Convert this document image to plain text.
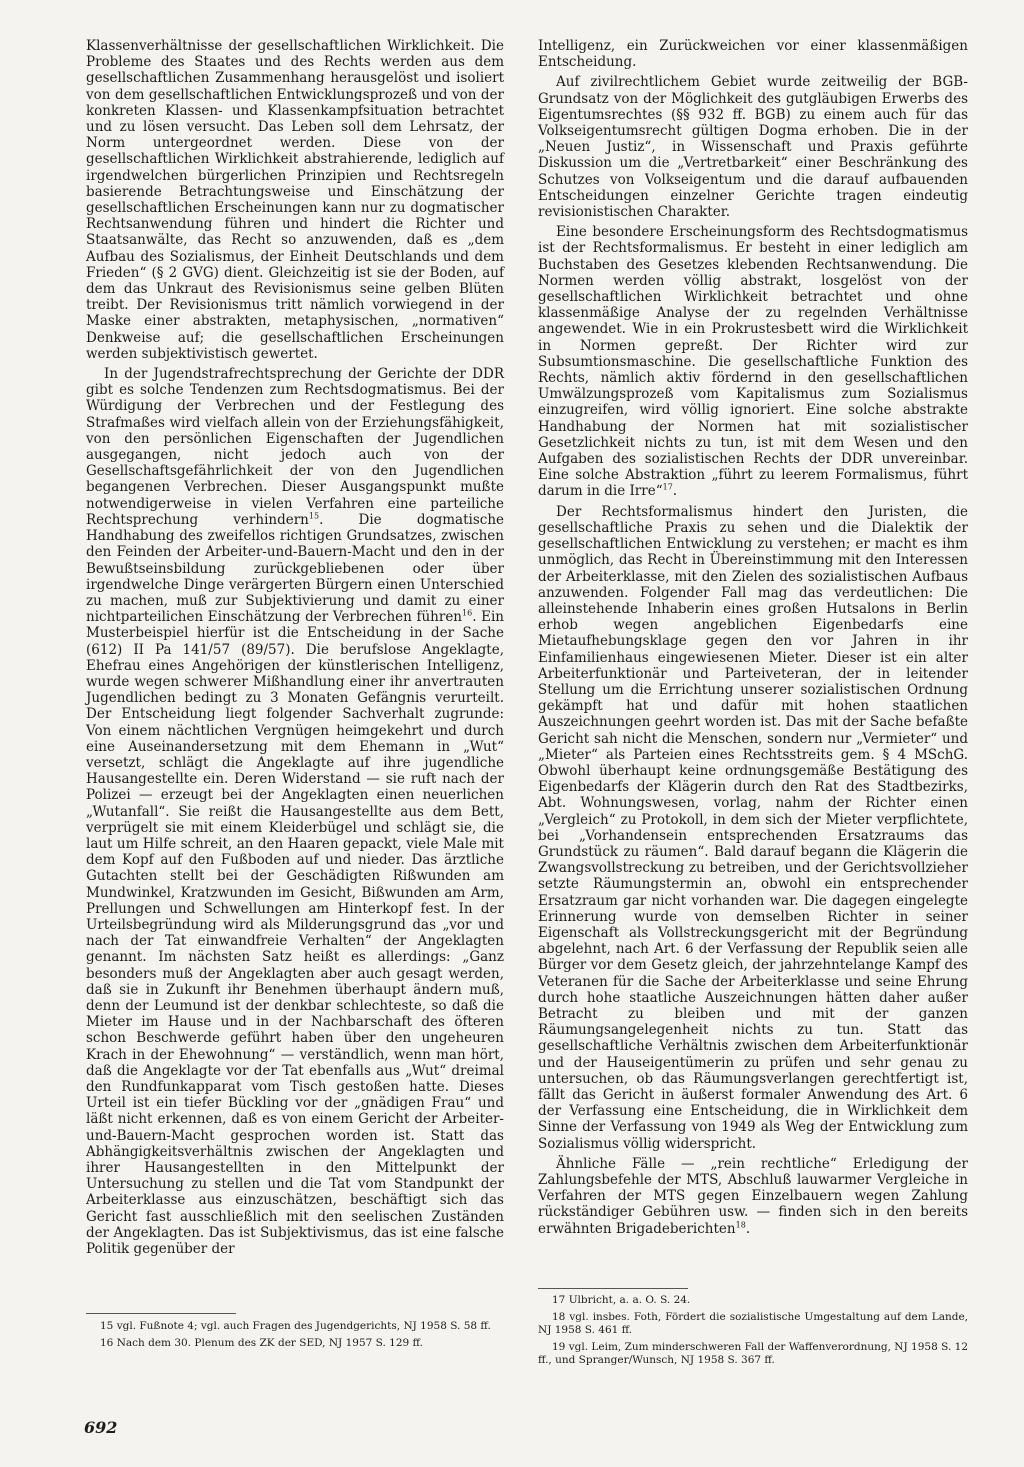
Klassenverhältnisse der gesellschaftlichen Wirklichkeit. Die Probleme des Staates und des Rechts werden aus dem gesellschaftlichen Zusammenhang herausgelöst und isoliert von dem gesellschaftlichen Entwicklungsprozeß und von der konkreten Klassen- und Klassenkampfsituation betrachtet und zu lösen versucht. Das Leben soll dem Lehrsatz, der Norm untergeordnet werden. Diese von der gesellschaftlichen Wirklichkeit abstrahierende, lediglich auf irgendwelchen bürgerlichen Prinzipien und Rechtsregeln basierende Betrachtungsweise und Einschätzung der gesellschaftlichen Erscheinungen kann nur zu dogmatischer Rechtsanwendung führen und hindert die Richter und Staatsanwälte, das Recht so anzuwenden, daß es „dem Aufbau des Sozialismus, der Einheit Deutschlands und dem Frieden“ (§ 2 GVG) dient. Gleichzeitig ist sie der Boden, auf dem das Unkraut des Revisionismus seine gelben Blüten treibt. Der Revisionismus tritt nämlich vorwiegend in der Maske einer abstrakten, metaphysischen, „normativen“ Denkweise auf; die gesellschaftlichen Erscheinungen werden subjektivistisch gewertet.

In der Jugendstrafrechtsprechung der Gerichte der DDR gibt es solche Tendenzen zum Rechtsdogmatismus. Bei der Würdigung der Verbrechen und der Festlegung des Strafmaßes wird vielfach allein von der Erziehungsfähigkeit, von den persönlichen Eigenschaften der Jugendlichen ausgegangen, nicht jedoch auch von der Gesellschaftsgefährlichkeit der von den Jugendlichen begangenen Verbrechen. Dieser Ausgangspunkt mußte notwendigerweise in vielen Verfahren eine parteiliche Rechtsprechung verhindern$^{15}$. Die dogmatische Handhabung des zweifellos richtigen Grundsatzes, zwischen den Feinden der Arbeiter-und-Bauern-Macht und den in der Bewußtseinsbildung zurückgebliebenen oder über irgendwelche Dinge verärgerten Bürgern einen Unterschied zu machen, muß zur Subjektivierung und damit zu einer nichtparteilichen Einschätzung der Verbrechen führen$^{16}$. Ein Musterbeispiel hierfür ist die Entscheidung in der Sache (612) II Pa 141/57 (89/57). Die berufslose Angeklagte, Ehefrau eines Angehörigen der künstlerischen Intelligenz, wurde wegen schwerer Mißhandlung einer ihr anvertrauten Jugendlichen bedingt zu 3 Monaten Gefängnis verurteilt. Der Entscheidung liegt folgender Sachverhalt zugrunde: Von einem nächtlichen Vergnügen heimgekehrt und durch eine Auseinandersetzung mit dem Ehemann in „Wut“ versetzt, schlägt die Angeklagte auf ihre jugendliche Hausangestellte ein. Deren Widerstand — sie ruft nach der Polizei — erzeugt bei der Angeklagten einen neuerlichen „Wutanfall“. Sie reißt die Hausangestellte aus dem Bett, verprügelt sie mit einem Kleiderbügel und schlägt sie, die laut um Hilfe schreit, an den Haaren gepackt, viele Male mit dem Kopf auf den Fußboden auf und nieder. Das ärztliche Gutachten stellt bei der Geschädigten Rißwunden am Mundwinkel, Kratzwunden im Gesicht, Bißwunden am Arm, Prellungen und Schwellungen am Hinterkopf fest. In der Urteilsbegründung wird als Milderungsgrund das „vor und nach der Tat einwandfreie Verhalten“ der Angeklagten genannt. Im nächsten Satz heißt es allerdings: „Ganz besonders muß der Angeklagten aber auch gesagt werden, daß sie in Zukunft ihr Benehmen überhaupt ändern muß, denn der Leumund ist der denkbar schlechteste, so daß die Mieter im Hause und in der Nachbarschaft des öfteren schon Beschwerde geführt haben über den ungeheuren Krach in der Ehewohnung“ — verständlich, wenn man hört, daß die Angeklagte vor der Tat ebenfalls aus „Wut“ dreimal den Rundfunkapparat vom Tisch gestoßen hatte. Dieses Urteil ist ein tiefer Bückling vor der „gnädigen Frau“ und läßt nicht erkennen, daß es von einem Gericht der Arbeiter-und-Bauern-Macht gesprochen worden ist. Statt das Abhängigkeitsverhältnis zwischen der Angeklagten und ihrer Hausangestellten in den Mittelpunkt der Untersuchung zu stellen und die Tat vom Standpunkt der Arbeiterklasse aus einzuschätzen, beschäftigt sich das Gericht fast ausschließlich mit den seelischen Zuständen der Angeklagten. Das ist Subjektivismus, das ist eine falsche Politik gegenüber der

Intelligenz, ein Zurückweichen vor einer klassenmäßigen Entscheidung.

Auf zivilrechtlichem Gebiet wurde zeitweilig der BGB-Grundsatz von der Möglichkeit des gutgläubigen Erwerbs des Eigentumsrechtes (§§ 932 ff. BGB) zu einem auch für das Volkseigentumsrecht gültigen Dogma erhoben. Die in der „Neuen Justiz“, in Wissenschaft und Praxis geführte Diskussion um die „Vertretbarkeit“ einer Beschränkung des Schutzes von Volkseigentum und die darauf aufbauenden Entscheidungen einzelner Gerichte tragen eindeutig revisionistischen Charakter.

Eine besondere Erscheinungsform des Rechtsdogmatismus ist der Rechtsformalismus. Er besteht in einer lediglich am Buchstaben des Gesetzes klebenden Rechtsanwendung. Die Normen werden völlig abstrakt, losgelöst von der gesellschaftlichen Wirklichkeit betrachtet und ohne klassenmäßige Analyse der zu regelnden Verhältnisse angewendet. Wie in ein Prokrustesbett wird die Wirklichkeit in Normen gepreßt. Der Richter wird zur Subsumtionsmaschine. Die gesellschaftliche Funktion des Rechts, nämlich aktiv fördernd in den gesellschaftlichen Umwälzungsprozeß vom Kapitalismus zum Sozialismus einzugreifen, wird völlig ignoriert. Eine solche abstrakte Handhabung der Normen hat mit sozialistischer Gesetzlichkeit nichts zu tun, ist mit dem Wesen und den Aufgaben des sozialistischen Rechts der DDR unvereinbar. Eine solche Abstraktion „führt zu leerem Formalismus, führt darum in die Irre“$^{17}$.

Der Rechtsformalismus hindert den Juristen, die gesellschaftliche Praxis zu sehen und die Dialektik der gesellschaftlichen Entwicklung zu verstehen; er macht es ihm unmöglich, das Recht in Übereinstimmung mit den Interessen der Arbeiterklasse, mit den Zielen des sozialistischen Aufbaus anzuwenden. Folgender Fall mag das verdeutlichen: Die alleinstehende Inhaberin eines großen Hutsalons in Berlin erhob wegen angeblichen Eigenbedarfs eine Mietaufhebungsklage gegen den vor Jahren in ihr Einfamilienhaus eingewiesenen Mieter. Dieser ist ein alter Arbeiterfunktionär und Parteiveteran, der in leitender Stellung um die Errichtung unserer sozialistischen Ordnung gekämpft hat und dafür mit hohen staatlichen Auszeichnungen geehrt worden ist. Das mit der Sache befaßte Gericht sah nicht die Menschen, sondern nur „Vermieter“ und „Mieter“ als Parteien eines Rechtsstreits gem. § 4 MSchG. Obwohl überhaupt keine ordnungsgemäße Bestätigung des Eigenbedarfs der Klägerin durch den Rat des Stadtbezirks, Abt. Wohnungswesen, vorlag, nahm der Richter einen „Vergleich“ zu Protokoll, in dem sich der Mieter verpflichtete, bei „Vorhandensein entsprechenden Ersatzraums das Grundstück zu räumen“. Bald darauf begann die Klägerin die Zwangsvollstreckung zu betreiben, und der Gerichtsvollzieher setzte Räumungstermin an, obwohl ein entsprechender Ersatzraum gar nicht vorhanden war. Die dagegen eingelegte Erinnerung wurde von demselben Richter in seiner Eigenschaft als Vollstreckungsgericht mit der Begründung abgelehnt, nach Art. 6 der Verfassung der Republik seien alle Bürger vor dem Gesetz gleich, der jahrzehntelange Kampf des Veteranen für die Sache der Arbeiterklasse und seine Ehrung durch hohe staatliche Auszeichnungen hätten daher außer Betracht zu bleiben und mit der ganzen Räumungsangelegenheit nichts zu tun. Statt das gesellschaftliche Verhältnis zwischen dem Arbeiterfunktionär und der Hauseigentümerin zu prüfen und sehr genau zu untersuchen, ob das Räumungsverlangen gerechtfertigt ist, fällt das Gericht in äußerst formaler Anwendung des Art. 6 der Verfassung eine Entscheidung, die in Wirklichkeit dem Sinne der Verfassung von 1949 als Weg der Entwicklung zum Sozialismus völlig widerspricht.

Ähnliche Fälle — „rein rechtliche“ Erledigung der Zahlungsbefehle der MTS, Abschluß lauwarmer Vergleiche in Verfahren der MTS gegen Einzelbauern wegen Zahlung rückständiger Gebühren usw. — finden sich in den bereits erwähnten Brigadeberichten$^{18}$.

15 vgl. Fußnote 4; vgl. auch Fragen des Jugendgerichts, NJ 1958 S. 58 ff.

16 Nach dem 30. Plenum des ZK der SED, NJ 1957 S. 129 ff.

17 Ulbricht, a. a. O. S. 24.

18 vgl. insbes. Foth, Fördert die sozialistische Umgestaltung auf dem Lande, NJ 1958 S. 461 ff.

19 vgl. Leim, Zum minderschweren Fall der Waffenverordnung, NJ 1958 S. 12 ff., und Spranger/Wunsch, NJ 1958 S. 367 ff.

692
